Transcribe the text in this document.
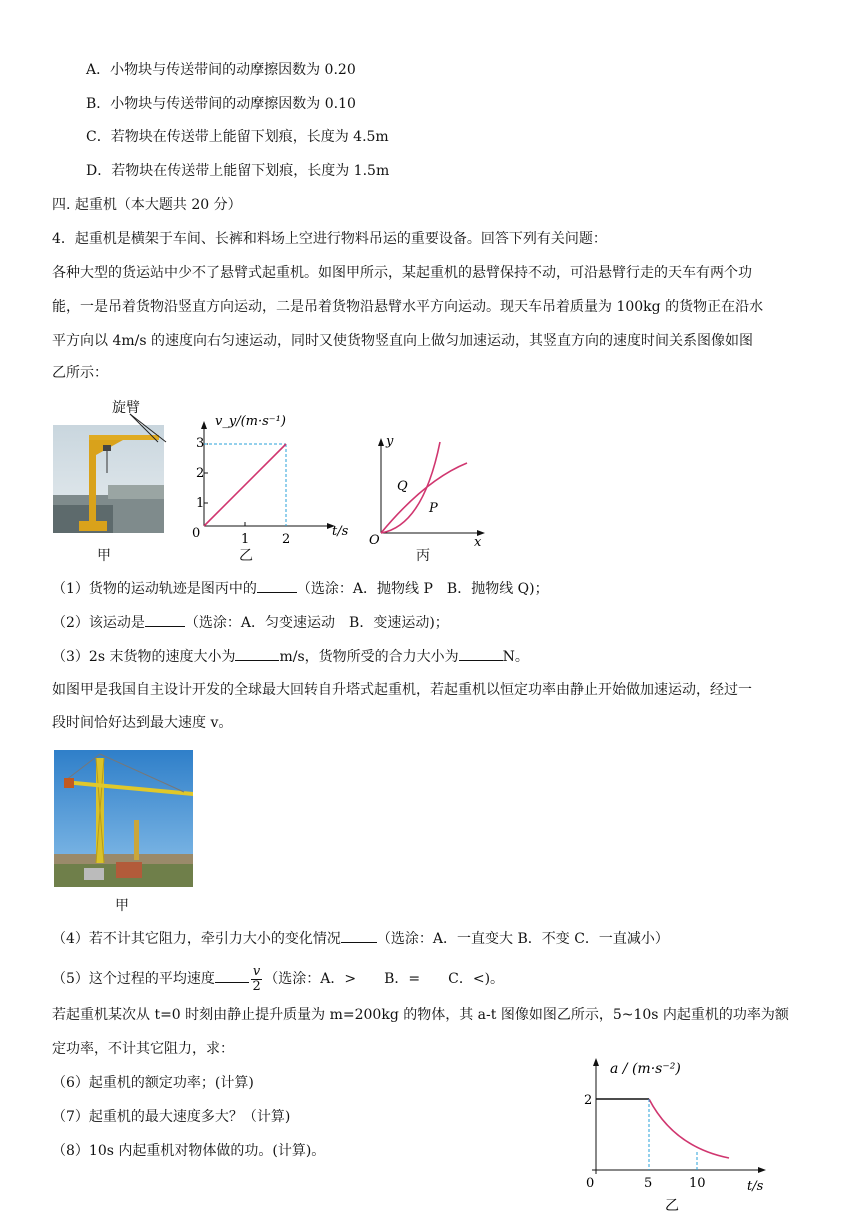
A．小物块与传送带间的动摩擦因数为 0.20
B．小物块与传送带间的动摩擦因数为 0.10
C．若物块在传送带上能留下划痕，长度为 4.5m
D．若物块在传送带上能留下划痕，长度为 1.5m
四. 起重机（本大题共 20 分）
4．起重机是横架于车间、长裤和料场上空进行物料吊运的重要设备。回答下列有关问题：
各种大型的货运站中少不了悬臂式起重机。如图甲所示，某起重机的悬臂保持不动，可沿悬臂行走的天车有两个功
能，一是吊着货物沿竖直方向运动，二是吊着货物沿悬臂水平方向运动。现天车吊着质量为 100kg 的货物正在沿水
平方向以 4m/s 的速度向右匀速运动，同时又使货物竖直向上做匀加速运动，其竖直方向的速度时间关系图像如图
乙所示：
旋臂
甲
v_y/(m·s⁻¹)
t/s
0
1
2
3
1	2
乙
y
x
O
Q
P
丙
（1）货物的运动轨迹是图丙中的	（选涂：A．抛物线 P　B．抛物线 Q)；
（2）该运动是	（选涂：A．匀变速运动　B．变速运动)；
（3）2s 末货物的速度大小为	m/s，货物所受的合力大小为	N。
如图甲是我国自主设计开发的全球最大回转自升塔式起重机，若起重机以恒定功率由静止开始做加速运动，经过一
段时间恰好达到最大速度 v。
甲
（4）若不计其它阻力，牵引力大小的变化情况	（选涂：A．一直变大 B．不变 C．一直减小）
（5）这个过程的平均速度	$\frac{v}{2}$ （选涂：A．>　　B．=　　C．<)。
若起重机某次从 t=0 时刻由静止提升质量为 m=200kg 的物体，其 a-t 图像如图乙所示，5~10s 内起重机的功率为额
定功率，不计其它阻力，求：
（6）起重机的额定功率；(计算)
（7）起重机的最大速度多大？（计算)
（8）10s 内起重机对物体做的功。(计算)。
a / (m·s⁻²)
t/s
2
0	5	10
乙
